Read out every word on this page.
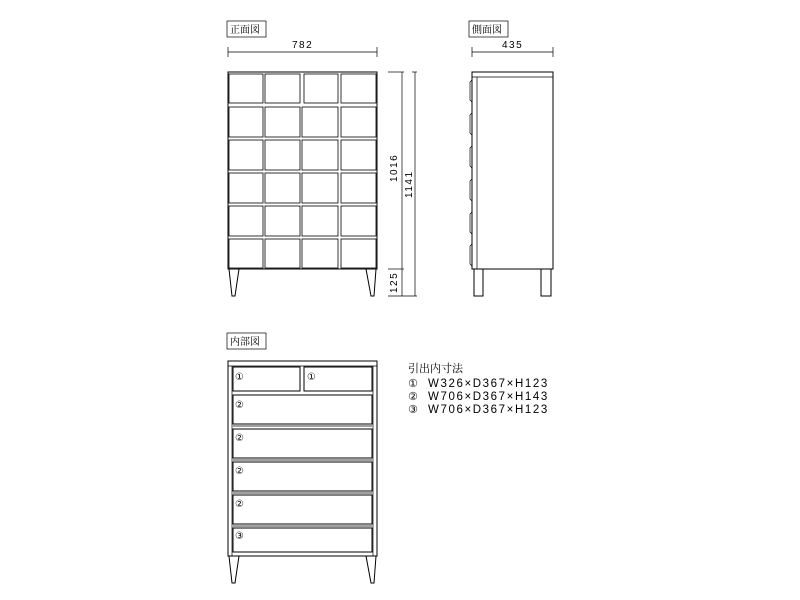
正面図
782
1016
1141
125
側面図
435
内部図
①	①
②
②
②
②
③
引出内寸法
① W326×D367×H123
② W706×D367×H143
③ W706×D367×H123
